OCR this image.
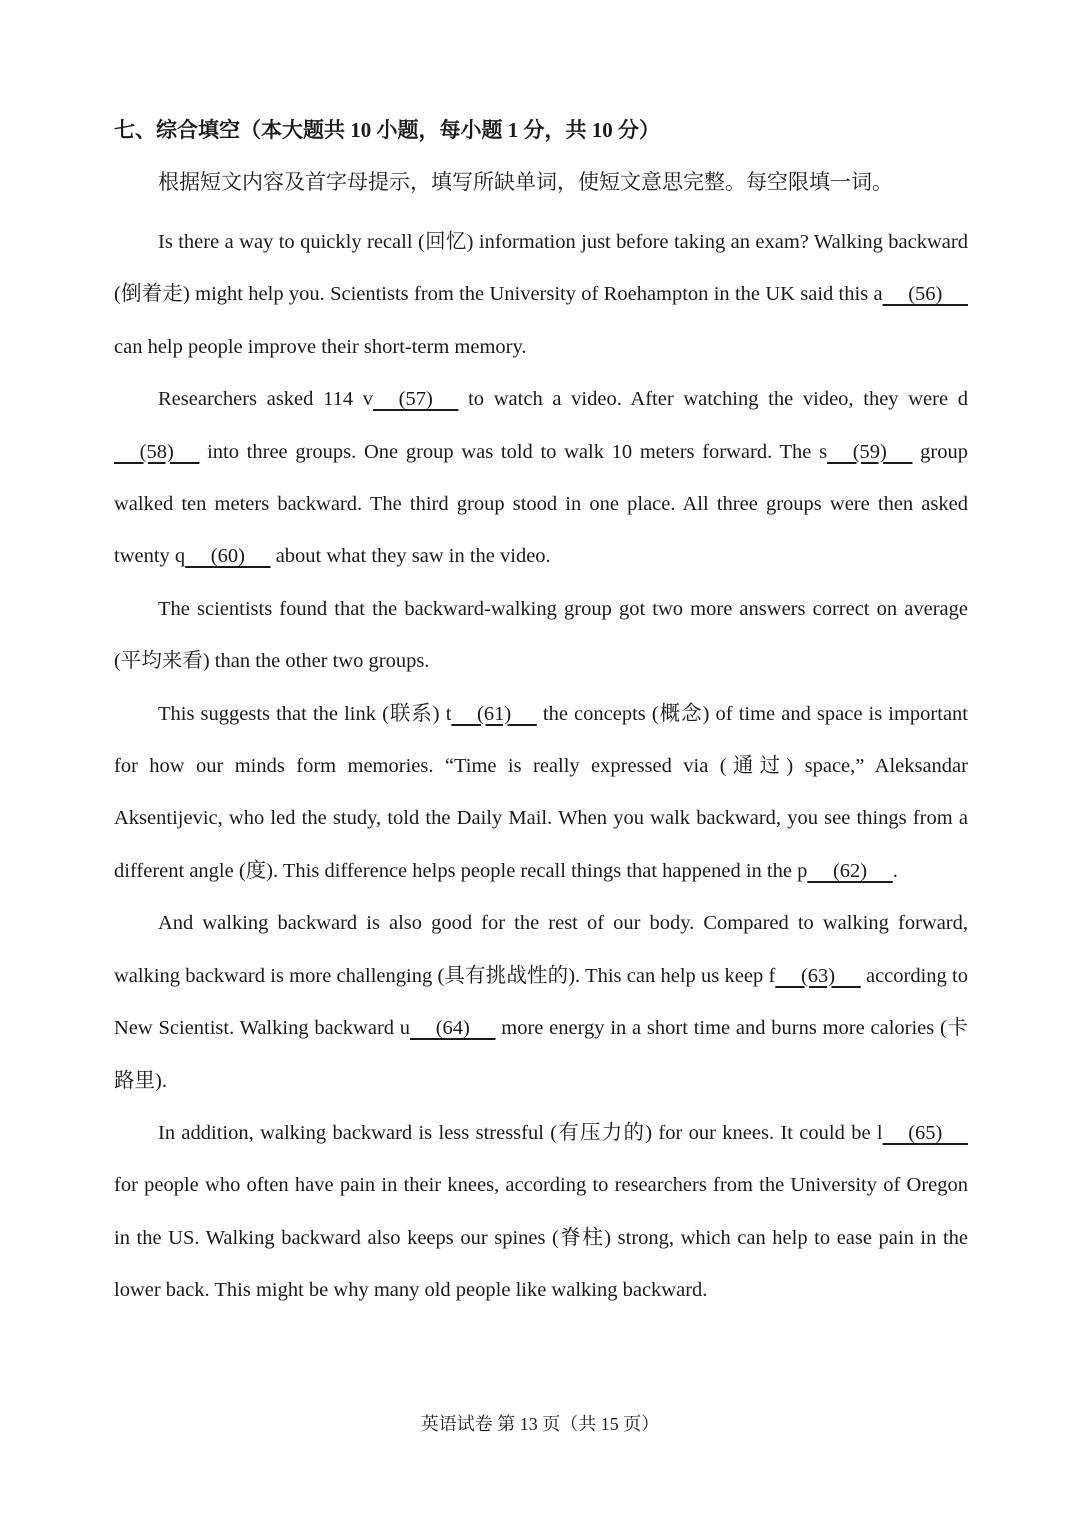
七、综合填空（本大题共 10 小题，每小题 1 分，共 10 分）
根据短文内容及首字母提示，填写所缺单词，使短文意思完整。每空限填一词。

Is there a way to quickly recall (回忆) information just before taking an exam? Walking backward (倒着走) might help you. Scientists from the University of Roehampton in the UK said this a     (56)      can help people improve their short-term memory.

Researchers asked 114 v     (57)      to watch a video. After watching the video, they were d     (58)      into three groups. One group was told to walk 10 meters forward. The s     (59)      group walked ten meters backward. The third group stood in one place. All three groups were then asked twenty q     (60)      about what they saw in the video.

The scientists found that the backward-walking group got two more answers correct on average (平均来看) than the other two groups.

This suggests that the link (联系) t     (61)      the concepts (概念) of time and space is important for how our minds form memories. “Time is really expressed via (通过) space,” Aleksandar Aksentijevic, who led the study, told the Daily Mail. When you walk backward, you see things from a different angle (度). This difference helps people recall things that happened in the p     (62)     .

And walking backward is also good for the rest of our body. Compared to walking forward, walking backward is more challenging (具有挑战性的). This can help us keep f     (63)      according to New Scientist. Walking backward u     (64)      more energy in a short time and burns more calories (卡路里).

In addition, walking backward is less stressful (有压力的) for our knees. It could be l     (65)      for people who often have pain in their knees, according to researchers from the University of Oregon in the US. Walking backward also keeps our spines (脊柱) strong, which can help to ease pain in the lower back. This might be why many old people like walking backward.

英语试卷 第 13 页（共 15 页）
